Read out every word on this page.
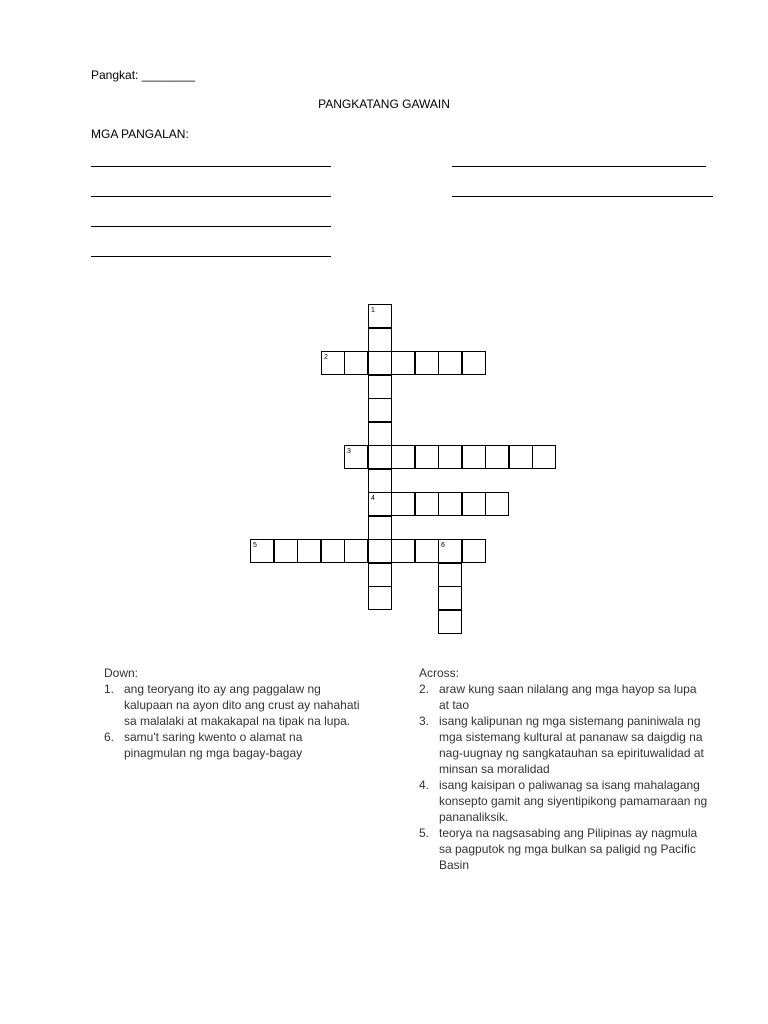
Pangkat: ________
PANGKATANG GAWAIN
MGA PANGALAN:
1
4
2
3
5	6
Down:
1. ang teoryang ito ay ang paggalaw ng kalupaan na ayon dito ang crust ay nahahati sa malalaki at makakapal na tipak na lupa.
6. samu't saring kwento o alamat na pinagmulan ng mga bagay-bagay
Across:
2. araw kung saan nilalang ang mga hayop sa lupa at tao
3. isang kalipunan ng mga sistemang paniniwala ng mga sistemang kultural at pananaw sa daigdig na nag-uugnay ng sangkatauhan sa epirituwalidad at minsan sa moralidad
4. isang kaisipan o paliwanag sa isang mahalagang konsepto gamit ang siyentipikong pamamaraan ng pananaliksik.
5. teorya na nagsasabing ang Pilipinas ay nagmula sa pagputok ng mga bulkan sa paligid ng Pacific Basin
